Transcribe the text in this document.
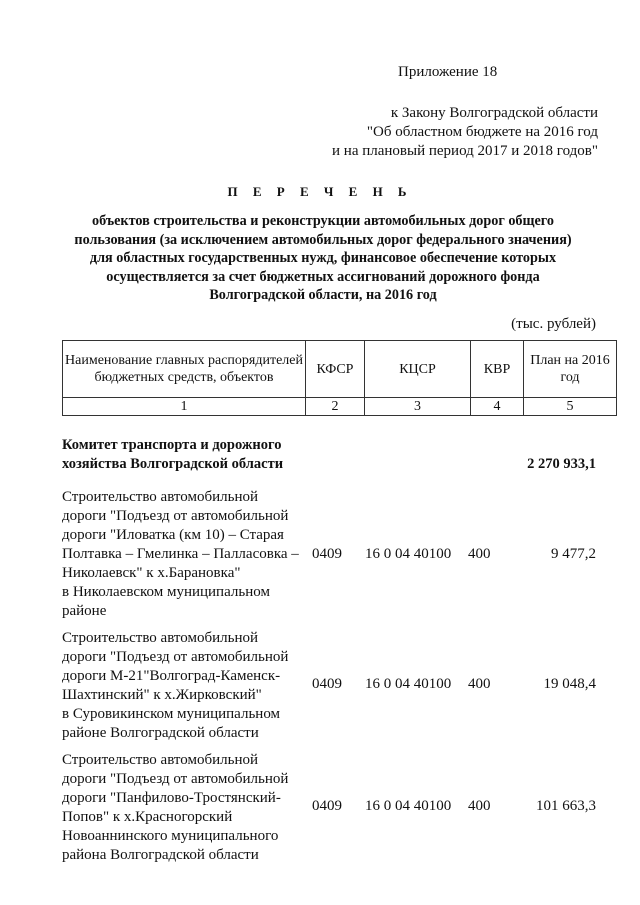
Приложение 18
к Закону Волгоградской области
"Об областном бюджете на 2016 год
и на плановый период 2017 и 2018 годов"
П Е Р Е Ч Е Н Ь
объектов строительства и реконструкции автомобильных дорог общего
пользования (за исключением автомобильных дорог федерального значения)
для областных государственных нужд, финансовое обеспечение которых
осуществляется за счет бюджетных ассигнований дорожного фонда
Волгоградской области, на 2016 год
(тыс. рублей)
Наименование главных распорядителей бюджетных средств, объектов	КФСР	КЦСР	КВР	План на 2016 год
1	2	3	4	5
Комитет транспорта и дорожного
хозяйства Волгоградской области	2 270 933,1
Строительство автомобильной
дороги "Подъезд от автомобильной
дороги "Иловатка (км 10) – Старая
Полтавка – Гмелинка – Палласовка –
Николаевск" к х.Барановка"
в Николаевском муниципальном
районе
0409	16 0 04 40100	400	9 477,2
Строительство автомобильной
дороги "Подъезд от автомобильной
дороги М-21"Волгоград-Каменск-
Шахтинский" к х.Жирковский"
в Суровикинском муниципальном
районе Волгоградской области
0409	16 0 04 40100	400	19 048,4
Строительство автомобильной
дороги "Подъезд от автомобильной
дороги "Панфилово-Тростянский-
Попов" к х.Красногорский
Новоаннинского муниципального
района Волгоградской области
0409	16 0 04 40100	400	101 663,3
